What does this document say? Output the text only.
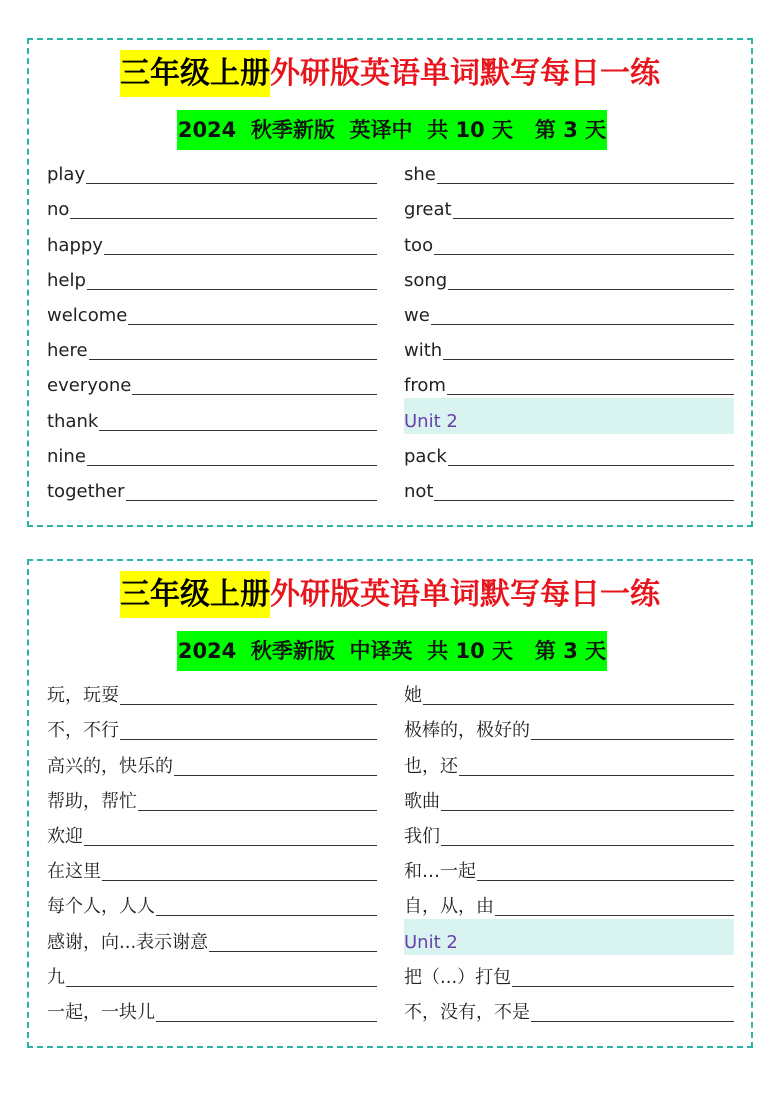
三年级上册外研版英语单词默写每日一练
2024  秋季新版  英译中  共 10 天   第 3 天
play
no
happy
help
welcome
here
everyone
thank
nine
together
she
great
too
song
we
with
from
Unit 2
pack
not
三年级上册外研版英语单词默写每日一练
2024  秋季新版  中译英  共 10 天   第 3 天
玩，玩耍
不，不行
高兴的，快乐的
帮助，帮忙
欢迎
在这里
每个人，人人
感谢，向...表示谢意
九
一起，一块儿
她
极棒的，极好的
也，还
歌曲
我们
和…一起
自，从，由
Unit 2
把（...）打包
不，没有，不是
